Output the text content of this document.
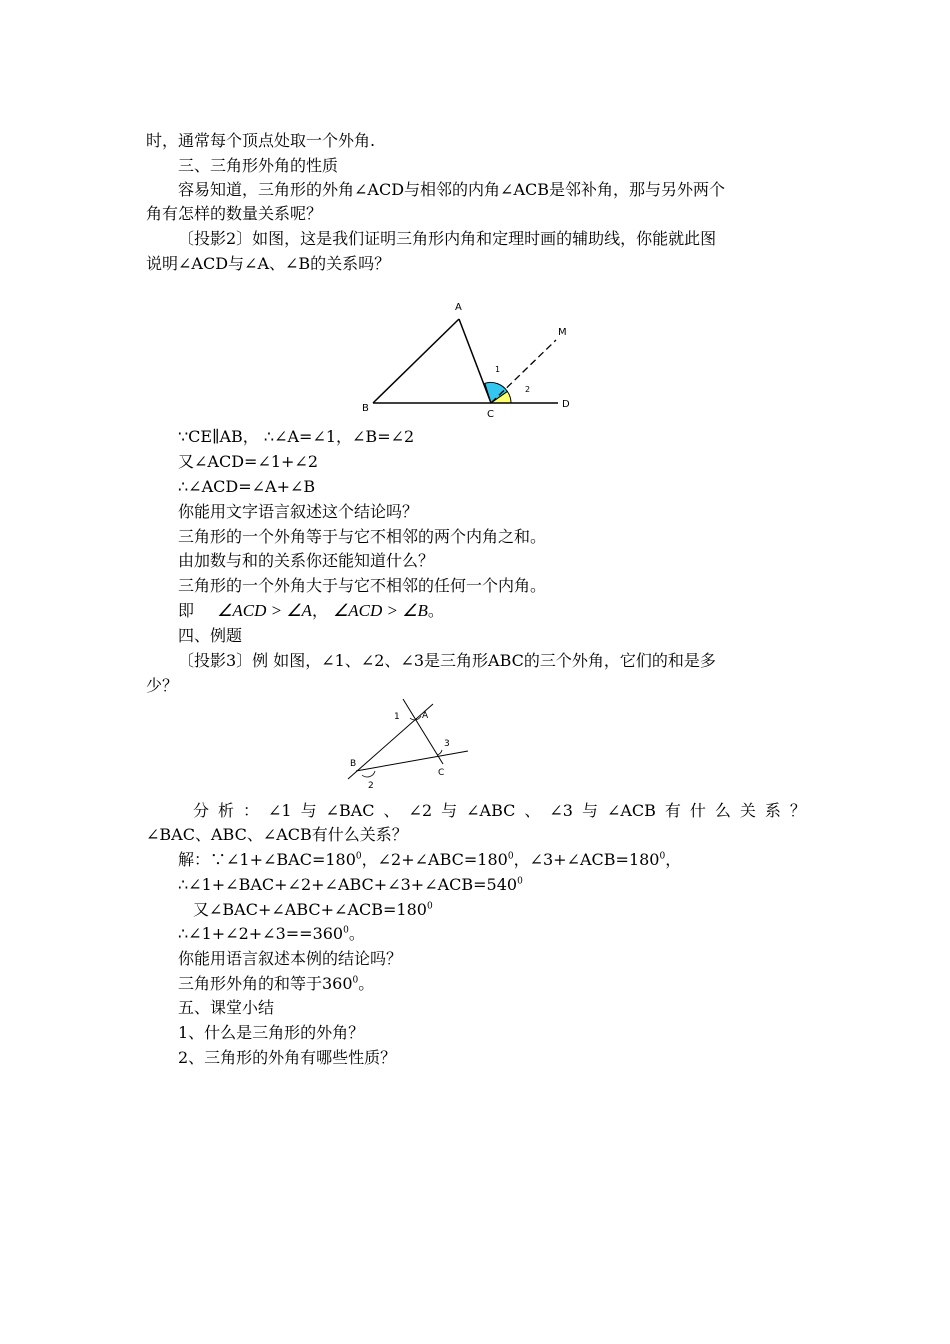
时，通常每个顶点处取一个外角.
三、三角形外角的性质
容易知道，三角形的外角∠ACD与相邻的内角∠ACB是邻补角，那与另外两个
角有怎样的数量关系呢？
〔投影2〕如图，这是我们证明三角形内角和定理时画的辅助线，你能就此图
说明∠ACD与∠A、∠B的关系吗？
A
B
C
D
M
1
2
∵CE∥AB， ∴∠A=∠1，∠B=∠2
又∠ACD=∠1+∠2
∴∠ACD=∠A+∠B
你能用文字语言叙述这个结论吗？
三角形的一个外角等于与它不相邻的两个内角之和。
由加数与和的关系你还能知道什么？
三角形的一个外角大于与它不相邻的任何一个内角。
即 ∠ACD > ∠A， ∠ACD > ∠B。
四、例题
〔投影3〕例 如图，∠1、∠2、∠3是三角形ABC的三个外角，它们的和是多
少？
1 A
3
B
C
2
分 析 ： ∠1 与 ∠BAC 、 ∠2 与 ∠ABC 、 ∠3 与 ∠ACB 有 什 么 关 系 ？
∠BAC、ABC、∠ACB有什么关系？
解：$\because\angle 1+\angle BAC=180^0$，$\angle 2+\angle ABC=180^0$，$\angle 3+\angle ACB=180^0$，
$\therefore\angle 1+\angle BAC+\angle 2+\angle ABC+\angle 3+\angle ACB=540^0$
又$\angle BAC+\angle ABC+\angle ACB=180^0$
$\therefore\angle 1+\angle 2+\angle 3==360^0$。
你能用语言叙述本例的结论吗？
三角形外角的和等于$360^0$。
五、课堂小结
1、什么是三角形的外角？
2、三角形的外角有哪些性质？
